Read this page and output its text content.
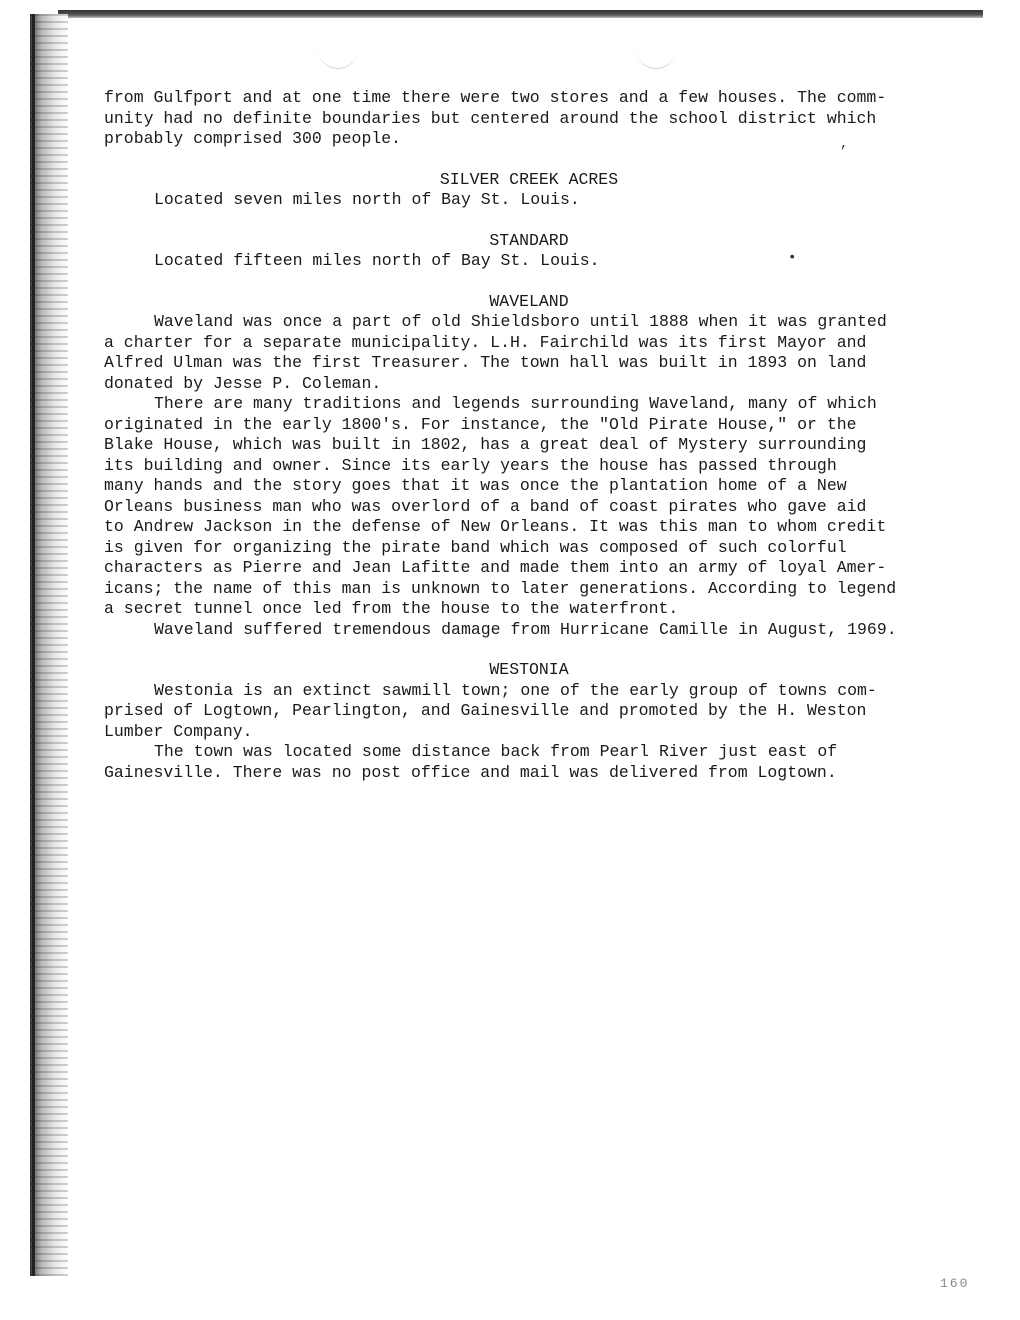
,
•
from Gulfport and at one time there were two stores and a few houses. The comm-
unity had no definite boundaries but centered around the school district which
probably comprised 300 people.
SILVER CREEK ACRES
Located seven miles north of Bay St. Louis.
STANDARD
Located fifteen miles north of Bay St. Louis.
WAVELAND
Waveland was once a part of old Shieldsboro until 1888 when it was granted
a charter for a separate municipality. L.H. Fairchild was its first Mayor and
Alfred Ulman was the first Treasurer. The town hall was built in 1893 on land
donated by Jesse P. Coleman.
There are many traditions and legends surrounding Waveland, many of which
originated in the early 1800's. For instance, the "Old Pirate House," or the
Blake House, which was built in 1802, has a great deal of Mystery surrounding
its building and owner. Since its early years the house has passed through
many hands and the story goes that it was once the plantation home of a New
Orleans business man who was overlord of a band of coast pirates who gave aid
to Andrew Jackson in the defense of New Orleans. It was this man to whom credit
is given for organizing the pirate band which was composed of such colorful
characters as Pierre and Jean Lafitte and made them into an army of loyal Amer-
icans; the name of this man is unknown to later generations. According to legend
a secret tunnel once led from the house to the waterfront.
Waveland suffered tremendous damage from Hurricane Camille in August, 1969.
WESTONIA
Westonia is an extinct sawmill town; one of the early group of towns com-
prised of Logtown, Pearlington, and Gainesville and promoted by the H. Weston
Lumber Company.
The town was located some distance back from Pearl River just east of
Gainesville. There was no post office and mail was delivered from Logtown.
160
